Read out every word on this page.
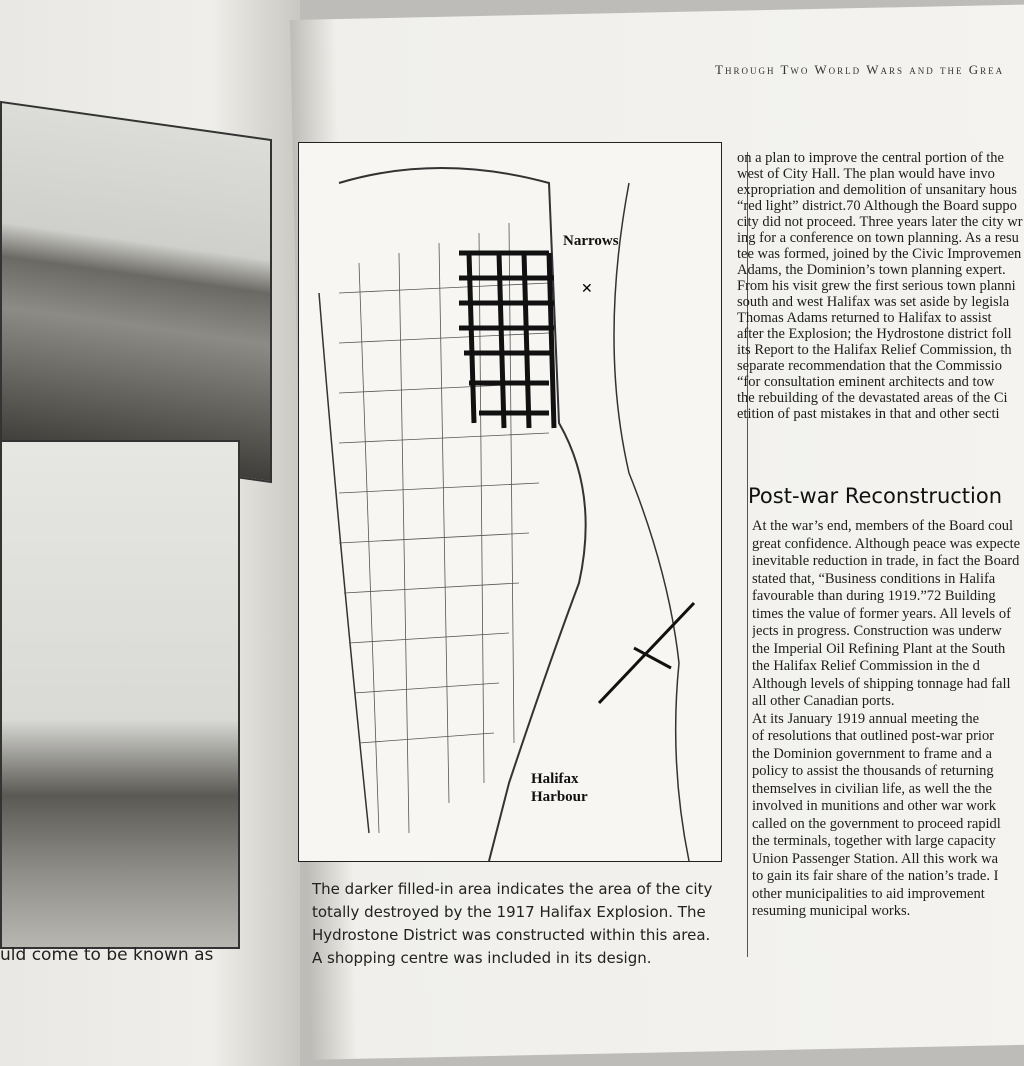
uld come to be known as
Through Two World Wars and the Grea
✕
Narrows
Halifax
Harbour
The darker filled-in area indicates the area of the city totally destroyed by the 1917 Halifax Explosion. The Hydrostone District was constructed within this area. A shopping centre was included in its design.

on a plan to improve the central portion of the

west of City Hall. The plan would have invo

expropriation and demolition of unsanitary hous

“red light” district.70 Although the Board suppo

city did not proceed. Three years later the city wr

ing for a conference on town planning. As a resu

tee was formed, joined by the Civic Improvemen

Adams, the Dominion’s town planning expert.

From his visit grew the first serious town planni

south and west Halifax was set aside by legisla

Thomas Adams returned to Halifax to assist

after the Explosion; the Hydrostone district foll

its Report to the Halifax Relief Commission, th

separate recommendation that the Commissio

“for consultation eminent architects and tow

the rebuilding of the devastated areas of the Ci

etition of past mistakes in that and other secti

Post-war Reconstruction

At the war’s end, members of the Board coul

great confidence. Although peace was expecte

inevitable reduction in trade, in fact the Board

stated that, “Business conditions in Halifa

favourable than during 1919.”72 Building

times the value of former years. All levels of

jects in progress. Construction was underw

the Imperial Oil Refining Plant at the South

the Halifax Relief Commission in the d

Although levels of shipping tonnage had fall

all other Canadian ports.

At its January 1919 annual meeting the

of resolutions that outlined post-war prior

the Dominion government to frame and a

policy to assist the thousands of returning

themselves in civilian life, as well the the

involved in munitions and other war work

called on the government to proceed rapidl

the terminals, together with large capacity

Union Passenger Station. All this work wa

to gain its fair share of the nation’s trade. I

other municipalities to aid improvement

resuming municipal works.
